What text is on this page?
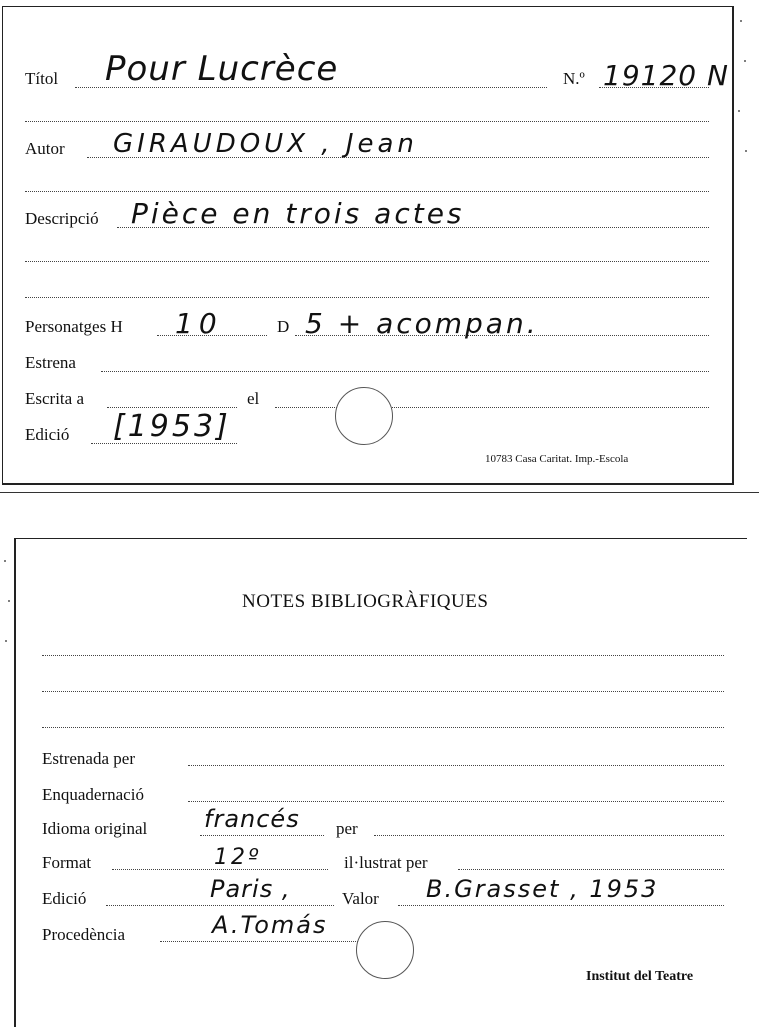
Títol Pour Lucrèce	N.º 19120 N
Autor GIRAUDOUX , Jean
Descripció Pièce en trois actes
Personatges H 10	D 5 + acompan.
Estrena
Escrita a	el
Edició [1953]
10783 Casa Caritat. Imp.-Escola
NOTES BIBLIOGRÀFIQUES
Estrenada per
Enquadernació
Idioma original francés per
Format	12º	il·lustrat per
Edició	Paris ,	Valor B.Grasset , 1953
Procedència	A.Tomás
Institut del Teatre
